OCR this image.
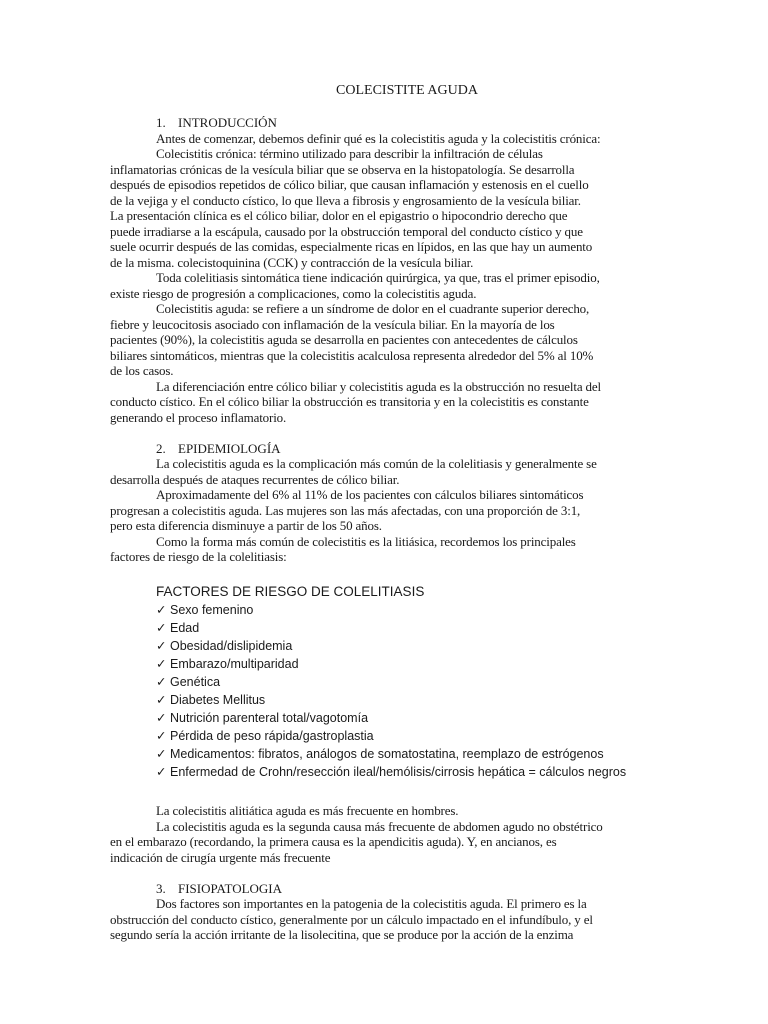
COLECISTITE AGUDA
1. INTRODUCCIÓN
Antes de comenzar, debemos definir qué es la colecistitis aguda y la colecistitis crónica:
Colecistitis crónica: término utilizado para describir la infiltración de células
inflamatorias crónicas de la vesícula biliar que se observa en la histopatología. Se desarrolla
después de episodios repetidos de cólico biliar, que causan inflamación y estenosis en el cuello
de la vejiga y el conducto cístico, lo que lleva a fibrosis y engrosamiento de la vesícula biliar.
La presentación clínica es el cólico biliar, dolor en el epigastrio o hipocondrio derecho que
puede irradiarse a la escápula, causado por la obstrucción temporal del conducto cístico y que
suele ocurrir después de las comidas, especialmente ricas en lípidos, en las que hay un aumento
de la misma. colecistoquinina (CCK) y contracción de la vesícula biliar.
Toda colelitiasis sintomática tiene indicación quirúrgica, ya que, tras el primer episodio,
existe riesgo de progresión a complicaciones, como la colecistitis aguda.
Colecistitis aguda: se refiere a un síndrome de dolor en el cuadrante superior derecho,
fiebre y leucocitosis asociado con inflamación de la vesícula biliar. En la mayoría de los
pacientes (90%), la colecistitis aguda se desarrolla en pacientes con antecedentes de cálculos
biliares sintomáticos, mientras que la colecistitis acalculosa representa alrededor del 5% al 10%
de los casos.
La diferenciación entre cólico biliar y colecistitis aguda es la obstrucción no resuelta del
conducto cístico. En el cólico biliar la obstrucción es transitoria y en la colecistitis es constante
generando el proceso inflamatorio.
2. EPIDEMIOLOGÍA
La colecistitis aguda es la complicación más común de la colelitiasis y generalmente se
desarrolla después de ataques recurrentes de cólico biliar.
Aproximadamente del 6% al 11% de los pacientes con cálculos biliares sintomáticos
progresan a colecistitis aguda. Las mujeres son las más afectadas, con una proporción de 3:1,
pero esta diferencia disminuye a partir de los 50 años.
Como la forma más común de colecistitis es la litiásica, recordemos los principales
factores de riesgo de la colelitiasis:
FACTORES DE RIESGO DE COLELITIASIS
✓ Sexo femenino
✓ Edad
✓ Obesidad/dislipidemia
✓ Embarazo/multiparidad
✓ Genética
✓ Diabetes Mellitus
✓ Nutrición parenteral total/vagotomía
✓ Pérdida de peso rápida/gastroplastia
✓ Medicamentos: fibratos, análogos de somatostatina, reemplazo de estrógenos
✓ Enfermedad de Crohn/resección ileal/hemólisis/cirrosis hepática = cálculos negros
La colecistitis alitiática aguda es más frecuente en hombres.
La colecistitis aguda es la segunda causa más frecuente de abdomen agudo no obstétrico
en el embarazo (recordando, la primera causa es la apendicitis aguda). Y, en ancianos, es
indicación de cirugía urgente más frecuente
3. FISIOPATOLOGIA
Dos factores son importantes en la patogenia de la colecistitis aguda. El primero es la
obstrucción del conducto cístico, generalmente por un cálculo impactado en el infundíbulo, y el
segundo sería la acción irritante de la lisolecitina, que se produce por la acción de la enzima
